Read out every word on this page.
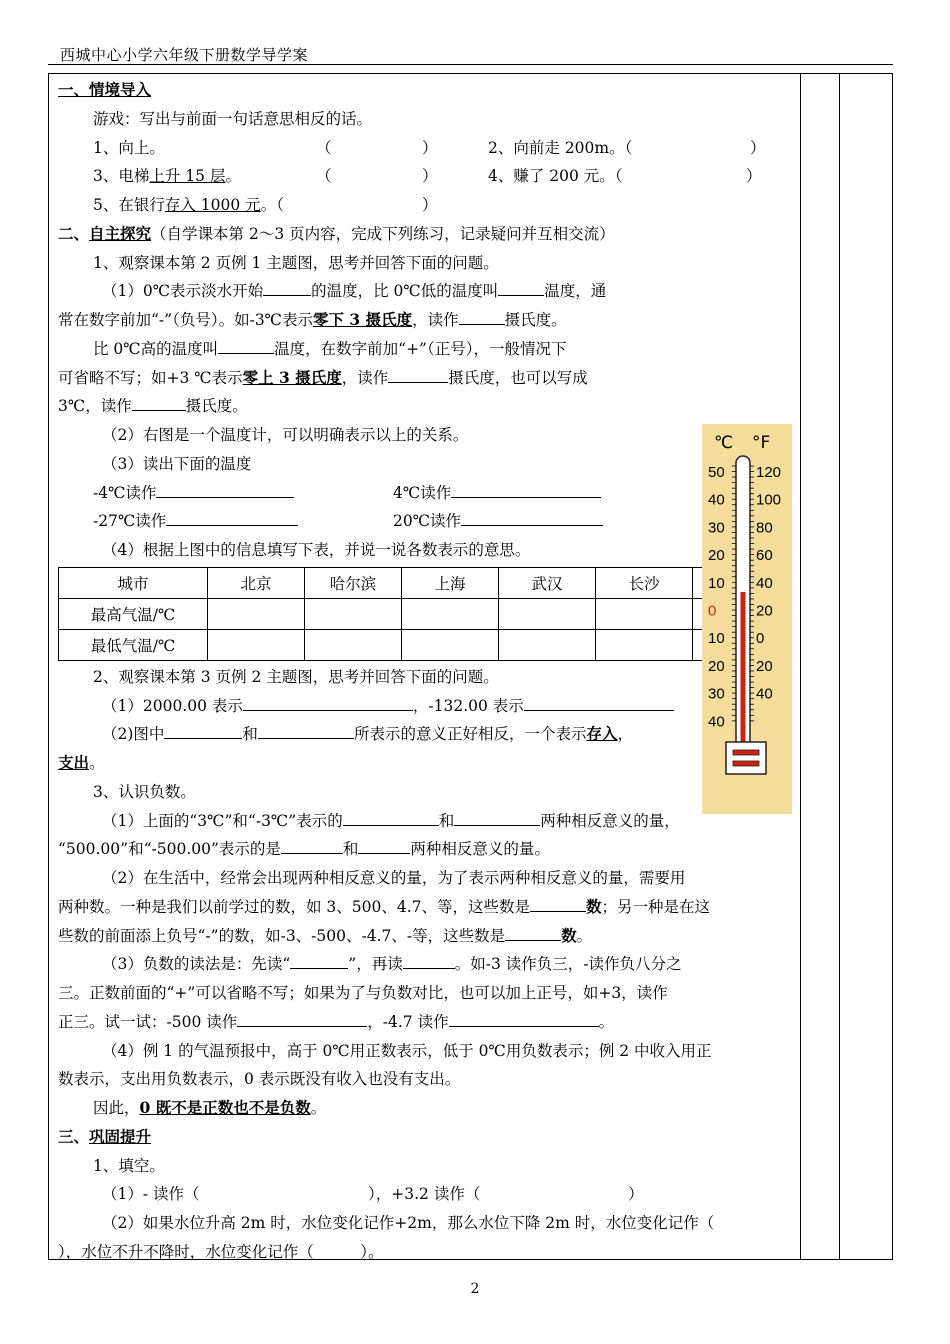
西城中心小学六年级下册数学导学案
一、情境导入
游戏：写出与前面一句话意思相反的话。
1、向上。	（	）	2、向前走 200m。（	）
3、电梯上升 15 层。	（	）	4、赚了 200 元。（	）
5、在银行存入 1000 元。（	）
二、自主探究（自学课本第 2～3 页内容，完成下列练习，记录疑问并互相交流）
1、观察课本第 2 页例 1 主题图，思考并回答下面的问题。
（1）0℃表示淡水开始	的温度，比 0℃低的温度叫	温度，通
常在数字前加“-”（负号）。如-3℃表示零下 3 摄氏度，读作	摄氏度。
比 0℃高的温度叫	温度，在数字前加“+”（正号），一般情况下
可省略不写；如+3 ℃表示零上 3 摄氏度，读作	摄氏度，也可以写成
3℃，读作	摄氏度。
（2）右图是一个温度计，可以明确表示以上的关系。
（3）读出下面的温度
-4℃读作	4℃读作
-27℃读作	20℃读作
（4）根据上图中的信息填写下表，并说一说各数表示的意思。
城市	北京	哈尔滨	上海	武汉	长沙	
最高气温/℃						
最低气温/℃						
2、观察课本第 3 页例 2 主题图，思考并回答下面的问题。
（1）2000.00 表示	，-132.00 表示
（2)图中	和	所表示的意义正好相反，一个表示存入，
支出。
3、认识负数。
（1）上面的“3℃”和“-3℃”表示的	和	两种相反意义的量，
“500.00”和“-500.00”表示的是	和	两种相反意义的量。
（2）在生活中，经常会出现两种相反意义的量，为了表示两种相反意义的量，需要用
两种数。一种是我们以前学过的数，如 3、500、4.7、等，这些数是	数；另一种是在这
些数的前面添上负号“-”的数，如-3、-500、-4.7、-等，这些数是	数。
（3）负数的读法是：先读“	”，再读	。如-3 读作负三，-读作负八分之
三。正数前面的“+”可以省略不写；如果为了与负数对比，也可以加上正号，如+3，读作
正三。试一试：-500 读作	，-4.7 读作	。
（4）例 1 的气温预报中，高于 0℃用正数表示，低于 0℃用负数表示；例 2 中收入用正
数表示，支出用负数表示，0 表示既没有收入也没有支出。
因此，0 既不是正数也不是负数。
三、巩固提升
1、填空。
（1）- 读作（	），+3.2 读作（	）
（2）如果水位升高 2m 时，水位变化记作+2m，那么水位下降 2m 时，水位变化记作（
），水位不升不降时，水位变化记作（　　　）。
℃ °F
50
40
30
20
10
0
10
20
30
40
120
100
80
60
40
20
0
20
40
2
